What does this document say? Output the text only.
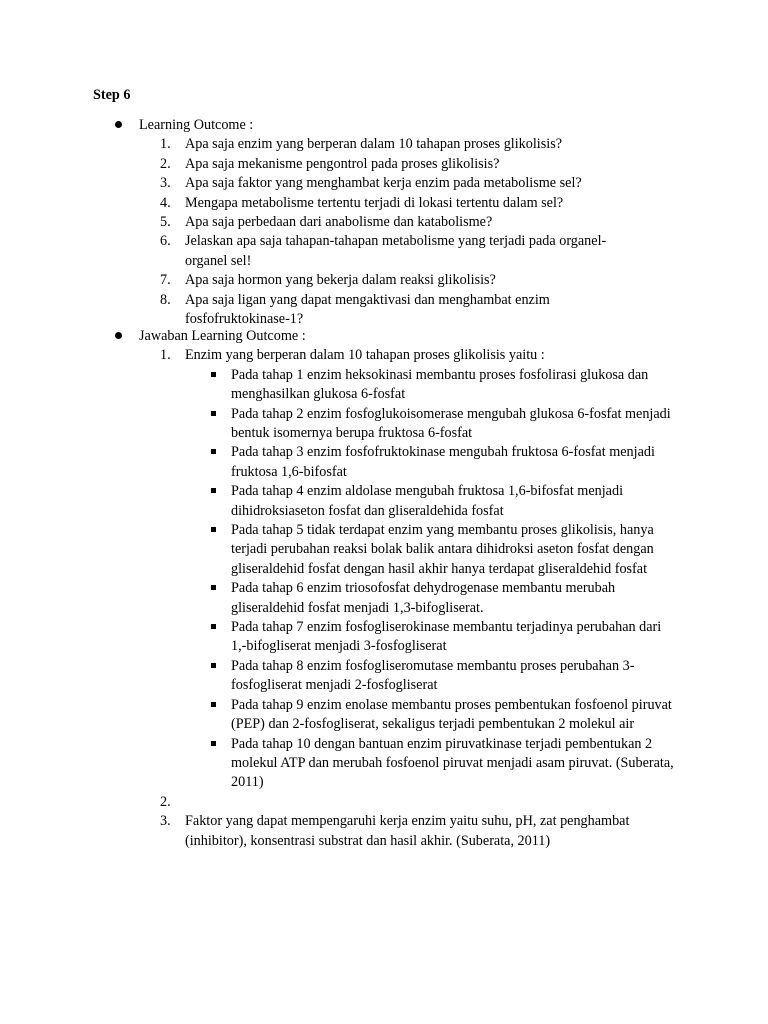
Step 6
Learning Outcome :
1.	Apa saja enzim yang berperan dalam 10 tahapan proses glikolisis?
2.	Apa saja mekanisme pengontrol pada proses glikolisis?
3.	Apa saja faktor yang menghambat kerja enzim pada metabolisme sel?
4.	Mengapa metabolisme tertentu terjadi di lokasi tertentu dalam sel?
5.	Apa saja perbedaan dari anabolisme dan katabolisme?
6.	Jelaskan apa saja tahapan-tahapan metabolisme yang terjadi pada organel-organel sel!
7.	Apa saja hormon yang bekerja dalam reaksi glikolisis?
8.	Apa saja ligan yang dapat mengaktivasi dan menghambat enzim fosfofruktokinase-1?
Jawaban Learning Outcome :
1.	Enzim yang berperan dalam 10 tahapan proses glikolisis yaitu :
Pada tahap 1 enzim heksokinasi membantu proses fosfolirasi glukosa dan menghasilkan glukosa 6-fosfat
Pada tahap 2 enzim fosfoglukoisomerase mengubah glukosa 6-fosfat menjadi bentuk isomernya berupa fruktosa 6-fosfat
Pada tahap 3 enzim fosfofruktokinase mengubah fruktosa 6-fosfat menjadi fruktosa 1,6-bifosfat
Pada tahap 4 enzim aldolase mengubah fruktosa 1,6-bifosfat menjadi dihidroksiaseton fosfat dan gliseraldehida fosfat
Pada tahap 5 tidak terdapat enzim yang membantu proses glikolisis, hanya terjadi perubahan reaksi bolak balik antara dihidroksi aseton fosfat dengan gliseraldehid fosfat dengan hasil akhir hanya terdapat gliseraldehid fosfat
Pada tahap 6 enzim triosofosfat dehydrogenase membantu merubah gliseraldehid fosfat menjadi 1,3-bifogliserat.
Pada tahap 7 enzim fosfogliserokinase membantu terjadinya perubahan dari 1,-bifogliserat menjadi 3-fosfogliserat
Pada tahap 8 enzim fosfogliseromutase membantu proses perubahan 3-fosfogliserat menjadi 2-fosfogliserat
Pada tahap 9 enzim enolase membantu proses pembentukan fosfoenol piruvat (PEP) dan 2-fosfogliserat, sekaligus terjadi pembentukan 2 molekul air
Pada tahap 10 dengan bantuan enzim piruvatkinase terjadi pembentukan 2 molekul ATP dan merubah fosfoenol piruvat menjadi asam piruvat. (Suberata, 2011)
2.
3.	Faktor yang dapat mempengaruhi kerja enzim yaitu suhu, pH, zat penghambat (inhibitor), konsentrasi substrat dan hasil akhir. (Suberata, 2011)
